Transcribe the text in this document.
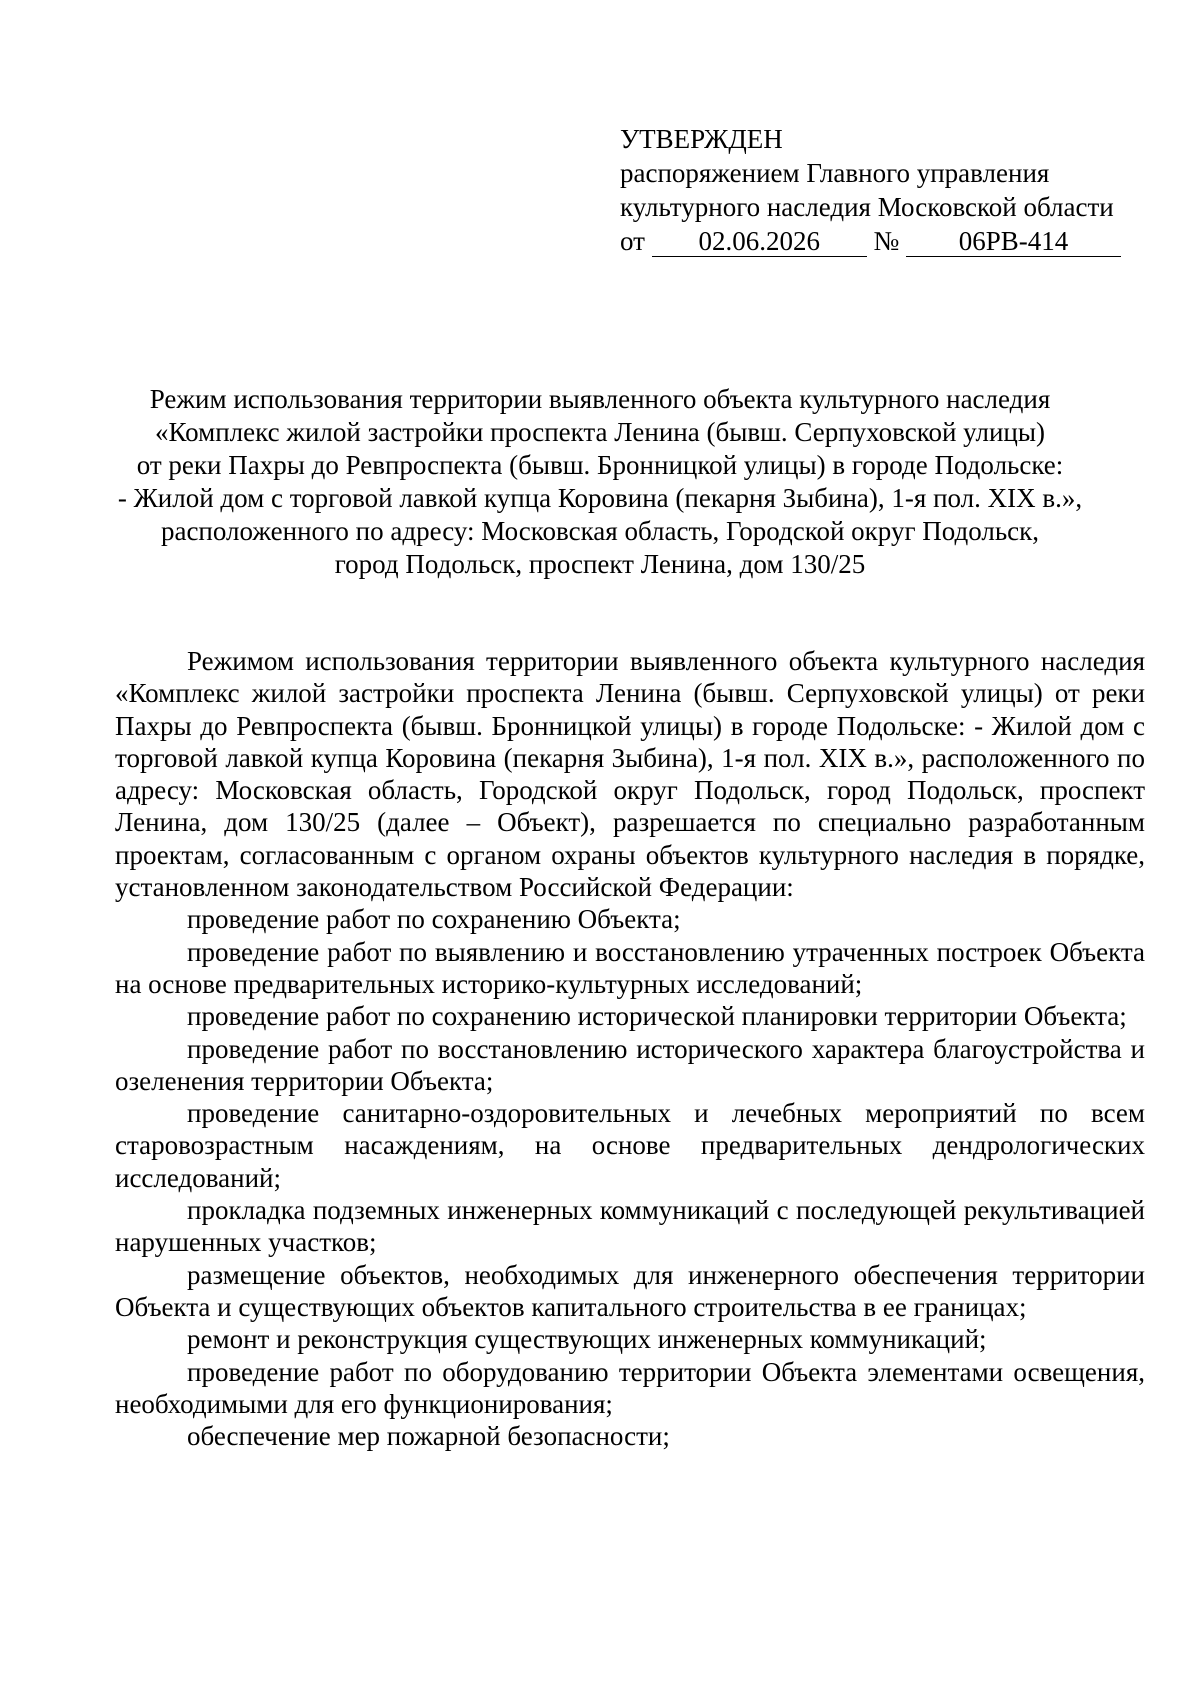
УТВЕРЖДЕН
распоряжением Главного управления
культурного наследия Московской области
от 02.06.2026 № 06РВ-414
Режим использования территории выявленного объекта культурного наследия
«Комплекс жилой застройки проспекта Ленина (бывш. Серпуховской улицы)
от реки Пахры до Ревпроспекта (бывш. Бронницкой улицы) в городе Подольске:
- Жилой дом с торговой лавкой купца Коровина (пекарня Зыбина), 1-я пол. XIX в.»,
расположенного по адресу: Московская область, Городской округ Подольск,
город Подольск, проспект Ленина, дом 130/25

Режимом использования территории выявленного объекта культурного наследия «Комплекс жилой застройки проспекта Ленина (бывш. Серпуховской улицы) от реки Пахры до Ревпроспекта (бывш. Бронницкой улицы) в городе Подольске: - Жилой дом с торговой лавкой купца Коровина (пекарня Зыбина), 1-я пол. XIX в.», расположенного по адресу: Московская область, Городской округ Подольск, город Подольск, проспект Ленина, дом 130/25 (далее – Объект), разрешается по специально разработанным проектам, согласованным с органом охраны объектов культурного наследия в порядке, установленном законодательством Российской Федерации:

проведение работ по сохранению Объекта;

проведение работ по выявлению и восстановлению утраченных построек Объекта на основе предварительных историко-культурных исследований;

проведение работ по сохранению исторической планировки территории Объекта;

проведение работ по восстановлению исторического характера благоустройства и озеленения территории Объекта;

проведение санитарно-оздоровительных и лечебных мероприятий по всем старовозрастным насаждениям, на основе предварительных дендрологических исследований;

прокладка подземных инженерных коммуникаций с последующей рекультивацией нарушенных участков;

размещение объектов, необходимых для инженерного обеспечения территории Объекта и существующих объектов капитального строительства в ее границах;

ремонт и реконструкция существующих инженерных коммуникаций;

проведение работ по оборудованию территории Объекта элементами освещения, необходимыми для его функционирования;

обеспечение мер пожарной безопасности;
